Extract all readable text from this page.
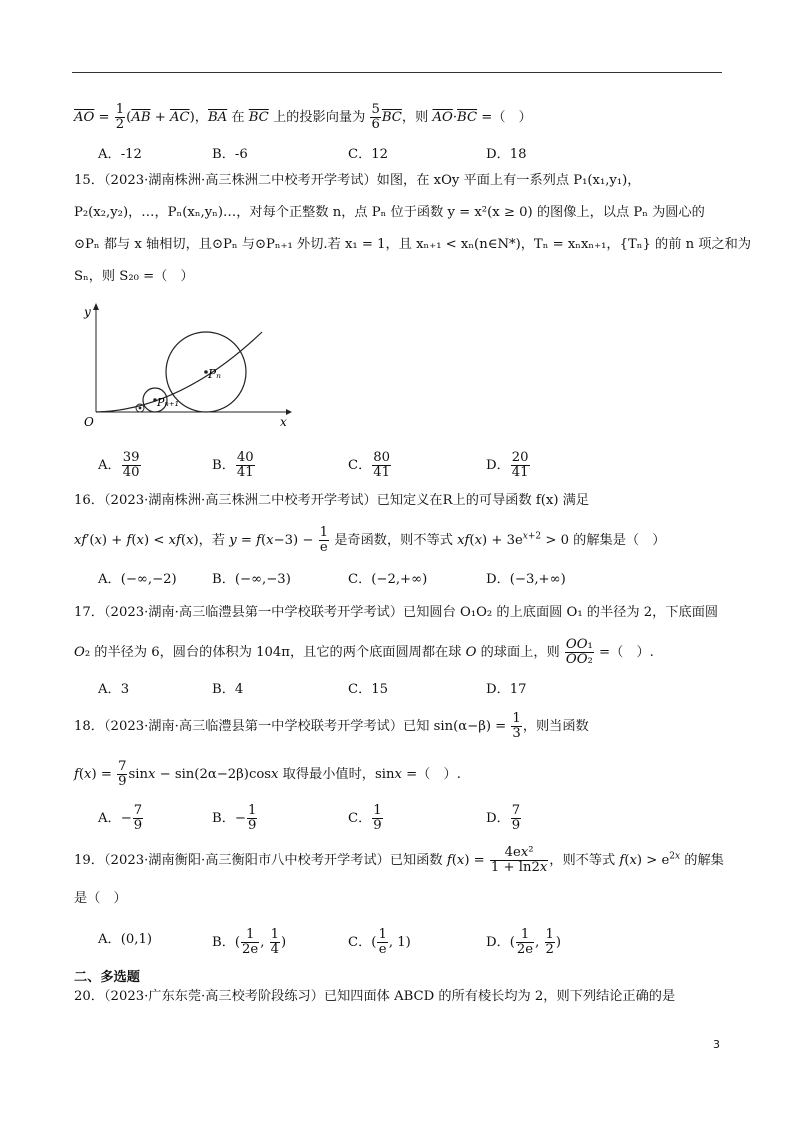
$\overline{AO} = \frac{1}{2} (\overline{AB} + \overline{AC})$，$\overline{BA}$ 在 $\overline{BC}$ 上的投影向量为 $\frac{5}{6} \overline{BC}$，则 $\overline{AO}\cdot\overline{BC}$ =（　）
A．-12	B．-6	C．12	D．18
15．（2023·湖南株洲·高三株洲二中校考开学考试）如图，在 xOy 平面上有一系列点 P₁(x₁,y₁)，
P₂(x₂,y₂)，…，Pₙ(xₙ,yₙ)…，对每个正整数 n，点 Pₙ 位于函数 y = x²(x ≥ 0) 的图像上，以点 Pₙ 为圆心的
⊙Pₙ 都与 x 轴相切，且⊙Pₙ 与⊙Pₙ₊₁ 外切.若 x₁ = 1，且 xₙ₊₁ < xₙ(n∈N*)，Tₙ = xₙxₙ₊₁，{Tₙ} 的前 n 项之和为
Sₙ，则 S₂₀ =（　）
y
x
O
Pₙ
Pₙ₊₁
A． $\frac{39}{40}$	B． $\frac{40}{41}$	C． $\frac{80}{41}$	D． $\frac{20}{41}$
16．（2023·湖南株洲·高三株洲二中校考开学考试）已知定义在R上的可导函数 f(x) 满足
xf′(x) + f(x) < xf(x)，若 $y = f(x-3) - \frac{1}{e}$ 是奇函数，则不等式 $xf(x) + 3e^{x+2} > 0$ 的解集是（　）
A．(−∞,−2)	B．(−∞,−3)	C．(−2,+∞)	D．(−3,+∞)
17．（2023·湖南·高三临澧县第一中学校联考开学考试）已知圆台 O₁O₂ 的上底面圆 O₁ 的半径为 2，下底面圆
O₂ 的半径为 6，圆台的体积为 104π，且它的两个底面圆周都在球 O 的球面上，则 $\frac{\text{OO₁}}{\text{OO₂}}$ =（　）.
A．3	B．4	C．15	D．17
18．（2023·湖南·高三临澧县第一中学校联考开学考试）已知 $\sin(\alpha-\beta) = \frac{1}{3}$ ，则当函数
$f(x) = \frac{7}{9}$ sinx − sin(2α−2β)cosx 取得最小值时，sinx =（　）.
A．− $\frac{7}{9}$	B．− $\frac{1}{9}$	C． $\frac{1}{9}$	D． $\frac{7}{9}$
19．（2023·湖南衡阳·高三衡阳市八中校考开学考试）已知函数 $f(x) = \frac{\text{4ex²}}{1 + \ln 2x}$ ，则不等式 $f(x) > e^{2x}$ 的解集
是（　）
A．(0,1)	B．( $\frac{1}{2e}$ , $\frac{1}{4}$ )	C．( $\frac{1}{e}$ , 1)	D．( $\frac{1}{2e}$ , $\frac{1}{2}$ )
二、多选题
20．（2023·广东东莞·高三校考阶段练习）已知四面体 ABCD 的所有棱长均为 2，则下列结论正确的是
3
